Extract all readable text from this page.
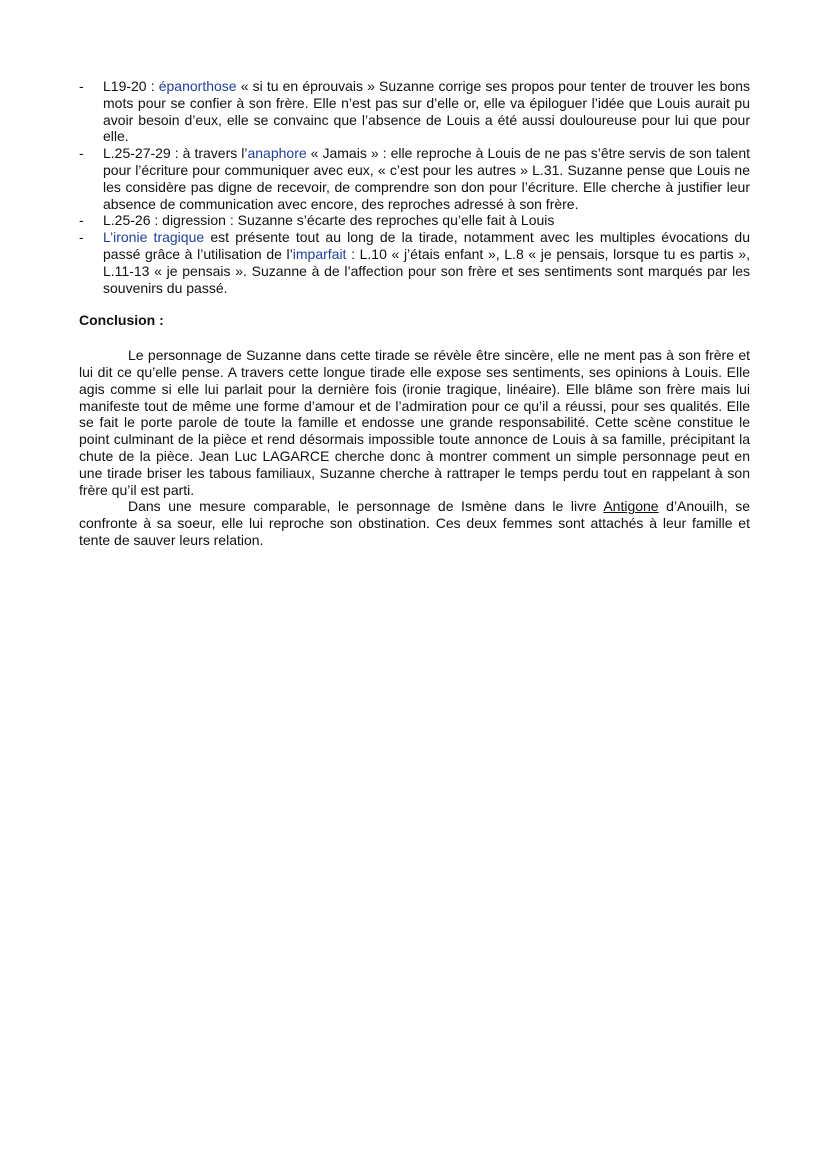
- L19-20 : épanorthose « si tu en éprouvais » Suzanne corrige ses propos pour tenter de trouver les bons mots pour se confier à son frère. Elle n’est pas sur d’elle or, elle va épiloguer l’idée que Louis aurait pu avoir besoin d’eux, elle se convainc que l’absence de Louis a été aussi douloureuse pour lui que pour elle.
- L.25-27-29 : à travers l’anaphore « Jamais » : elle reproche à Louis de ne pas s’être servis de son talent pour l’écriture pour communiquer avec eux, « c’est pour les autres » L.31. Suzanne pense que Louis ne les considère pas digne de recevoir, de comprendre son don pour l’écriture. Elle cherche à justifier leur absence de communication avec encore, des reproches adressé à son frère.
- L.25-26 : digression : Suzanne s’écarte des reproches qu’elle fait à Louis
- L’ironie tragique est présente tout au long de la tirade, notamment avec les multiples évocations du passé grâce à l’utilisation de l’imparfait : L.10 « j’étais enfant », L.8 « je pensais, lorsque tu es partis », L.11-13 « je pensais ». Suzanne à de l’affection pour son frère et ses sentiments sont marqués par les souvenirs du passé.
Conclusion :

Le personnage de Suzanne dans cette tirade se révèle être sincère, elle ne ment pas à son frère et lui dit ce qu’elle pense. A travers cette longue tirade elle expose ses sentiments, ses opinions à Louis. Elle agis comme si elle lui parlait pour la dernière fois (ironie tragique, linéaire). Elle blâme son frère mais lui manifeste tout de même une forme d’amour et de l’admiration pour ce qu’il a réussi, pour ses qualités. Elle se fait le porte parole de toute la famille et endosse une grande responsabilité. Cette scène constitue le point culminant de la pièce et rend désormais impossible toute annonce de Louis à sa famille, précipitant la chute de la pièce. Jean Luc LAGARCE cherche donc à montrer comment un simple personnage peut en une tirade briser les tabous familiaux, Suzanne cherche à rattraper le temps perdu tout en rappelant à son frère qu’il est parti.

Dans une mesure comparable, le personnage de Ismène dans le livre Antigone d’Anouilh, se confronte à sa soeur, elle lui reproche son obstination. Ces deux femmes sont attachés à leur famille et tente de sauver leurs relation.
